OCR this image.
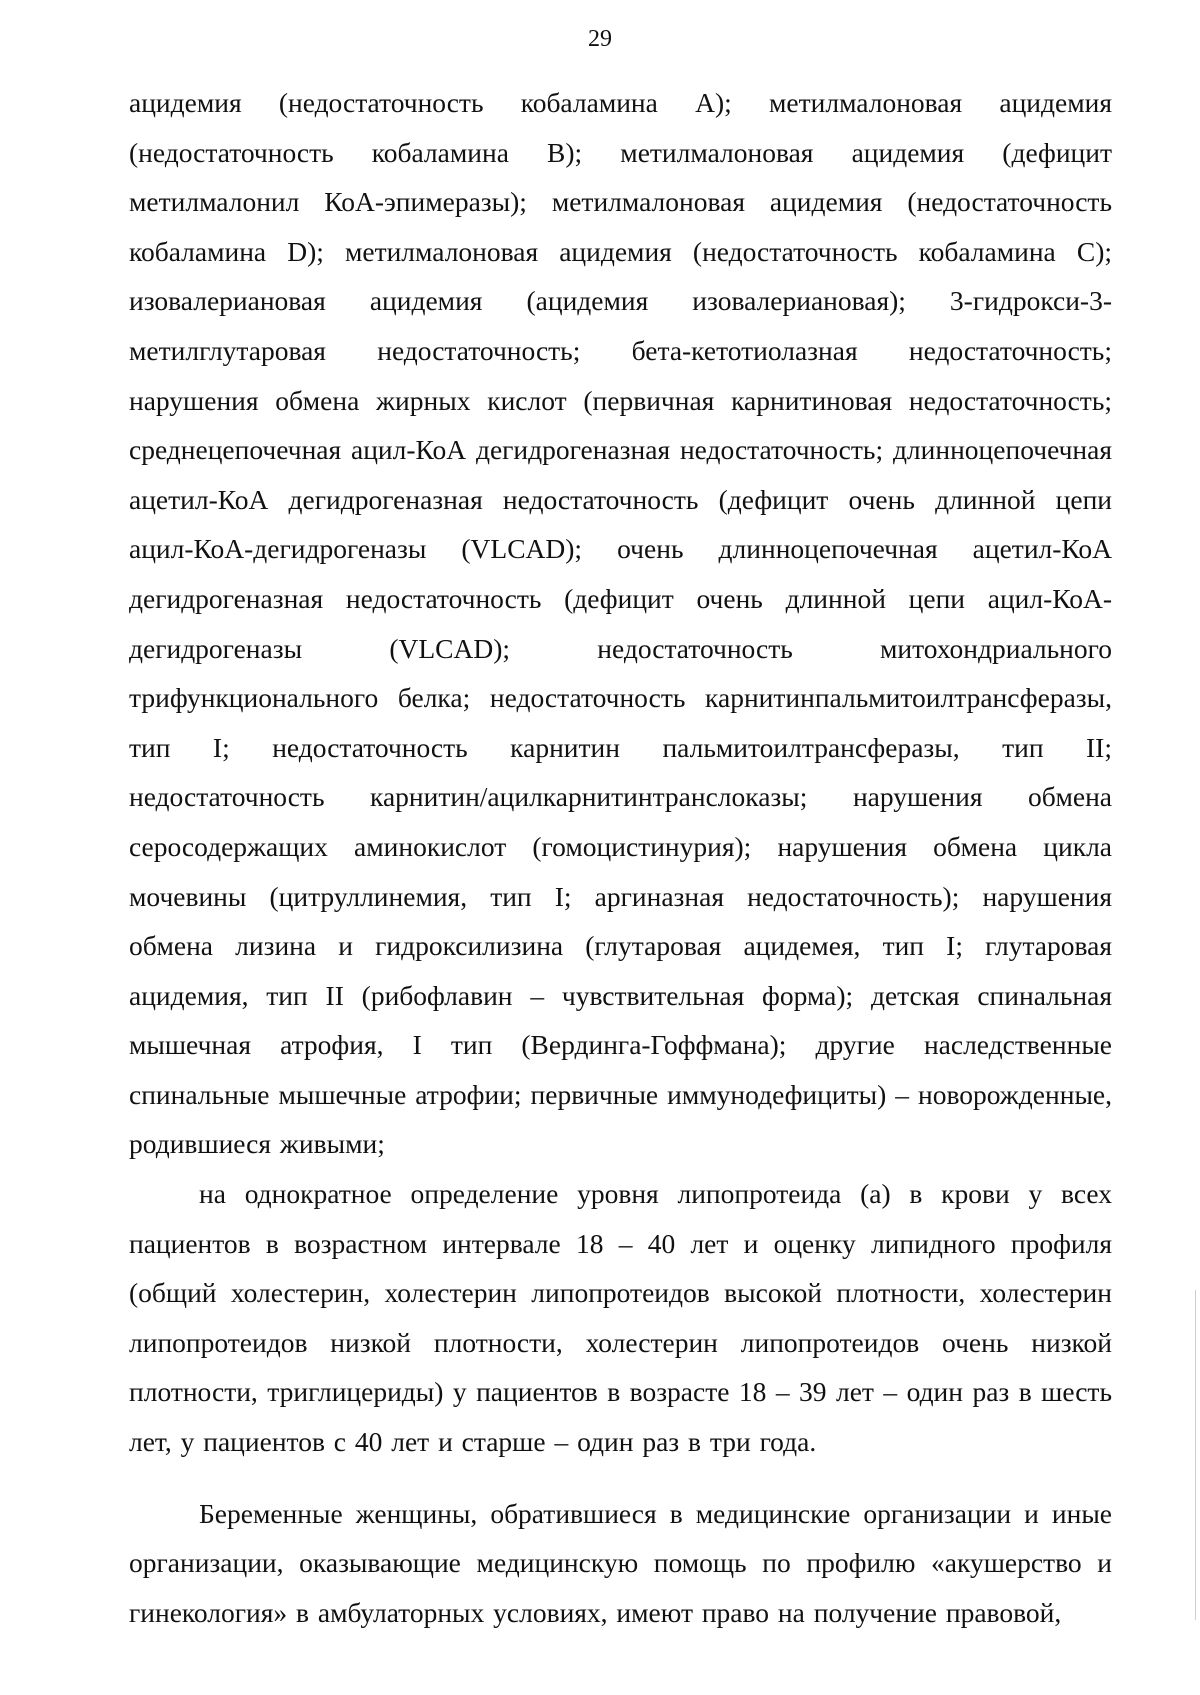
29

ацидемия (недостаточность кобаламина А); метилмалоновая ацидемия (недостаточность кобаламина В); метилмалоновая ацидемия (дефицит метилмалонил КоА-эпимеразы); метилмалоновая ацидемия (недостаточность кобаламина D); метилмалоновая ацидемия (недостаточность кобаламина С); изовалериановая ацидемия (ацидемия изовалериановая); 3-гидрокси-3-метилглутаровая недостаточность; бета-кетотиолазная недостаточность; нарушения обмена жирных кислот (первичная карнитиновая недостаточность; среднецепочечная ацил-КоА дегидрогеназная недостаточность; длинноцепочечная ацетил-КоА дегидрогеназная недостаточность (дефицит очень длинной цепи ацил-КоА-дегидрогеназы (VLCAD); очень длинноцепочечная ацетил-КоА дегидрогеназная недостаточность (дефицит очень длинной цепи ацил-КоА-дегидрогеназы (VLCAD); недостаточность митохондриального трифункционального белка; недостаточность карнитинпальмитоилтрансферазы, тип I; недостаточность карнитин пальмитоилтрансферазы, тип II; недостаточность карнитин/ацилкарнитинтранслоказы; нарушения обмена серосодержащих аминокислот (гомоцистинурия); нарушения обмена цикла мочевины (цитруллинемия, тип I; аргиназная недостаточность); нарушения обмена лизина и гидроксилизина (глутаровая ацидемея, тип I; глутаровая ацидемия, тип II (рибофлавин – чувствительная форма); детская спинальная мышечная атрофия, I тип (Вердинга-Гоффмана); другие наследственные спинальные мышечные атрофии; первичные иммунодефициты) – новорожденные, родившиеся живыми;

на однократное определение уровня липопротеида (а) в крови у всех пациентов в возрастном интервале 18 – 40 лет и оценку липидного профиля (общий холестерин, холестерин липопротеидов высокой плотности, холестерин липопротеидов низкой плотности, холестерин липопротеидов очень низкой плотности, триглицериды) у пациентов в возрасте 18 – 39 лет – один раз в шесть лет, у пациентов с 40 лет и старше – один раз в три года.

Беременные женщины, обратившиеся в медицинские организации и иные организации, оказывающие медицинскую помощь по профилю «акушерство и гинекология» в амбулаторных условиях, имеют право на получение правовой,
